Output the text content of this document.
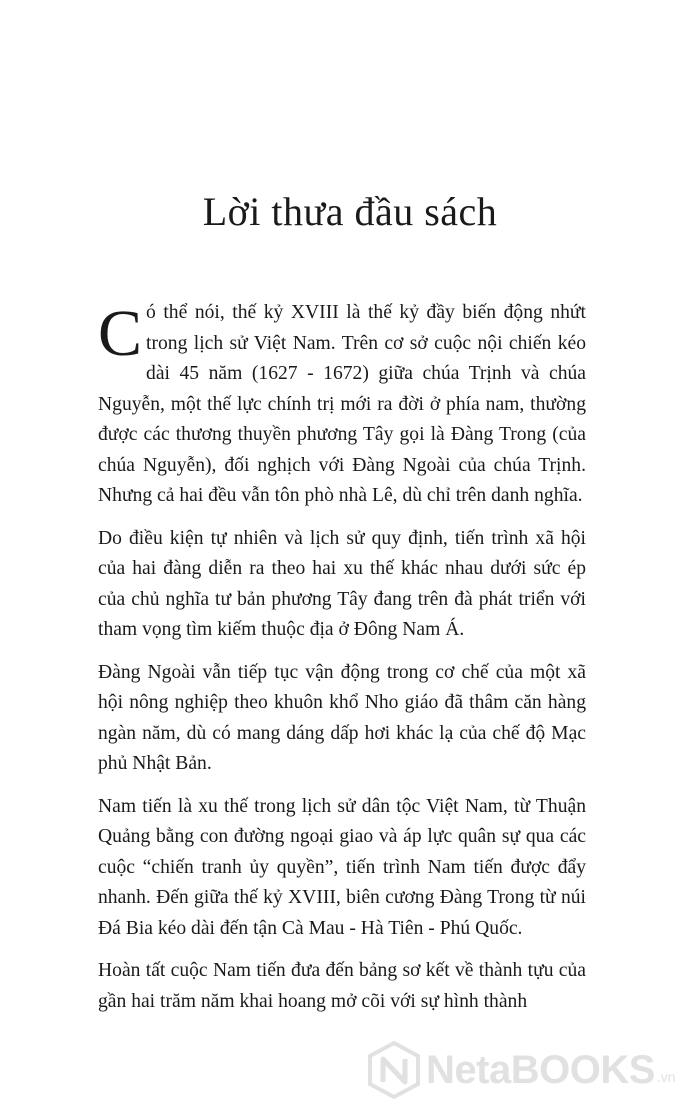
Lời thưa đầu sách

Có thể nói, thế kỷ XVIII là thế kỷ đầy biến động nhứt trong lịch sử Việt Nam. Trên cơ sở cuộc nội chiến kéo dài 45 năm (1627 - 1672) giữa chúa Trịnh và chúa Nguyễn, một thế lực chính trị mới ra đời ở phía nam, thường được các thương thuyền phương Tây gọi là Đàng Trong (của chúa Nguyễn), đối nghịch với Đàng Ngoài của chúa Trịnh. Nhưng cả hai đều vẫn tôn phò nhà Lê, dù chỉ trên danh nghĩa.

Do điều kiện tự nhiên và lịch sử quy định, tiến trình xã hội của hai đàng diễn ra theo hai xu thế khác nhau dưới sức ép của chủ nghĩa tư bản phương Tây đang trên đà phát triển với tham vọng tìm kiếm thuộc địa ở Đông Nam Á.

Đàng Ngoài vẫn tiếp tục vận động trong cơ chế của một xã hội nông nghiệp theo khuôn khổ Nho giáo đã thâm căn hàng ngàn năm, dù có mang dáng dấp hơi khác lạ của chế độ Mạc phủ Nhật Bản.

Nam tiến là xu thế trong lịch sử dân tộc Việt Nam, từ Thuận Quảng bằng con đường ngoại giao và áp lực quân sự qua các cuộc “chiến tranh ủy quyền”, tiến trình Nam tiến được đẩy nhanh. Đến giữa thế kỷ XVIII, biên cương Đàng Trong từ núi Đá Bia kéo dài đến tận Cà Mau - Hà Tiên - Phú Quốc.

Hoàn tất cuộc Nam tiến đưa đến bảng sơ kết về thành tựu của gần hai trăm năm khai hoang mở cõi với sự hình thành

NetaBOOKS .vn
